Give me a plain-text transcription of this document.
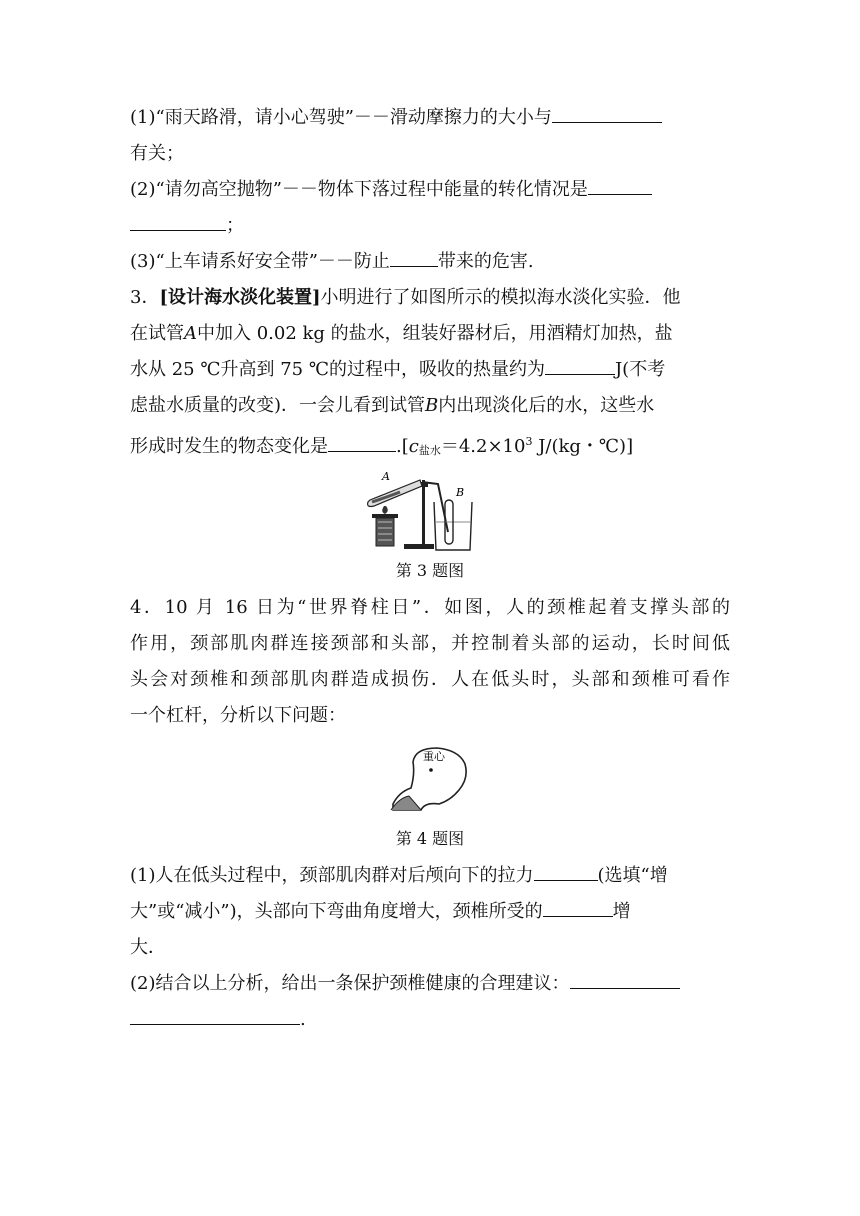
(1)“雨天路滑，请小心驾驶”－－滑动摩擦力的大小与
有关；
(2)“请勿高空抛物”－－物体下落过程中能量的转化情况是
；
(3)“上车请系好安全带”－－防止	带来的危害.
3．[设计海水淡化装置]小明进行了如图所示的模拟海水淡化实验．他
在试管A中加入 0.02 kg 的盐水，组装好器材后，用酒精灯加热，盐
水从 25 ℃升高到 75 ℃的过程中，吸收的热量约为	J(不考
虑盐水质量的改变)．一会儿看到试管B内出现淡化后的水，这些水
形成时发生的物态变化是	.[c盐水$=4.2\times 10^3$ J/(kg・℃)]
A
B
第 3 题图
4．10 月 16 日为“世界脊柱日”．如图，人的颈椎起着支撑头部的
作用，颈部肌肉群连接颈部和头部，并控制着头部的运动，长时间低
头会对颈椎和颈部肌肉群造成损伤．人在低头时，头部和颈椎可看作
一个杠杆，分析以下问题：
重心
第 4 题图
(1)人在低头过程中，颈部肌肉群对后颅向下的拉力	(选填“增
大”或“减小”)，头部向下弯曲角度增大，颈椎所受的	增
大．
(2)结合以上分析，给出一条保护颈椎健康的合理建议：
.
